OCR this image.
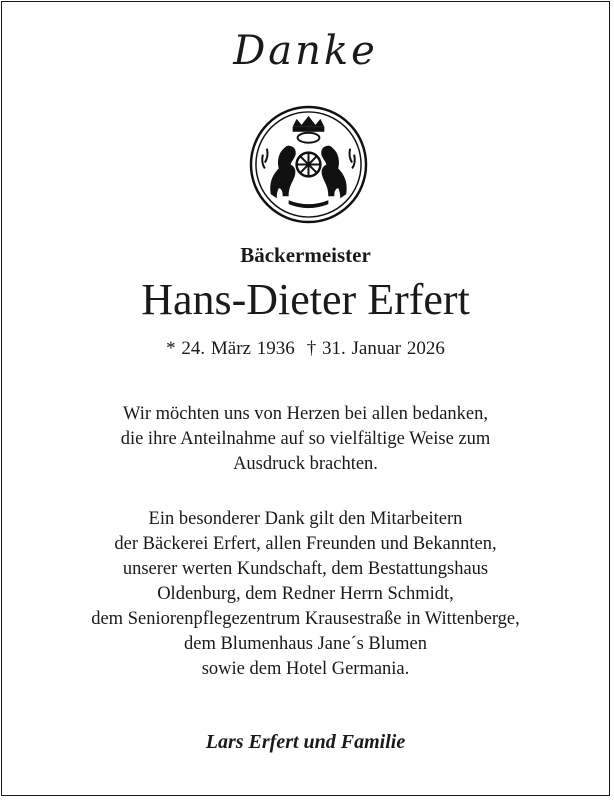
Danke
Bäckermeister
Hans-Dieter Erfert
* 24. März 1936 † 31. Januar 2026
Wir möchten uns von Herzen bei allen bedanken,
die ihre Anteilnahme auf so vielfältige Weise zum
Ausdruck brachten.
Ein besonderer Dank gilt den Mitarbeitern
der Bäckerei Erfert, allen Freunden und Bekannten,
unserer werten Kundschaft, dem Bestattungshaus
Oldenburg, dem Redner Herrn Schmidt,
dem Seniorenpflegezentrum Krausestraße in Wittenberge,
dem Blumenhaus Jane´s Blumen
sowie dem Hotel Germania.
Lars Erfert und Familie
